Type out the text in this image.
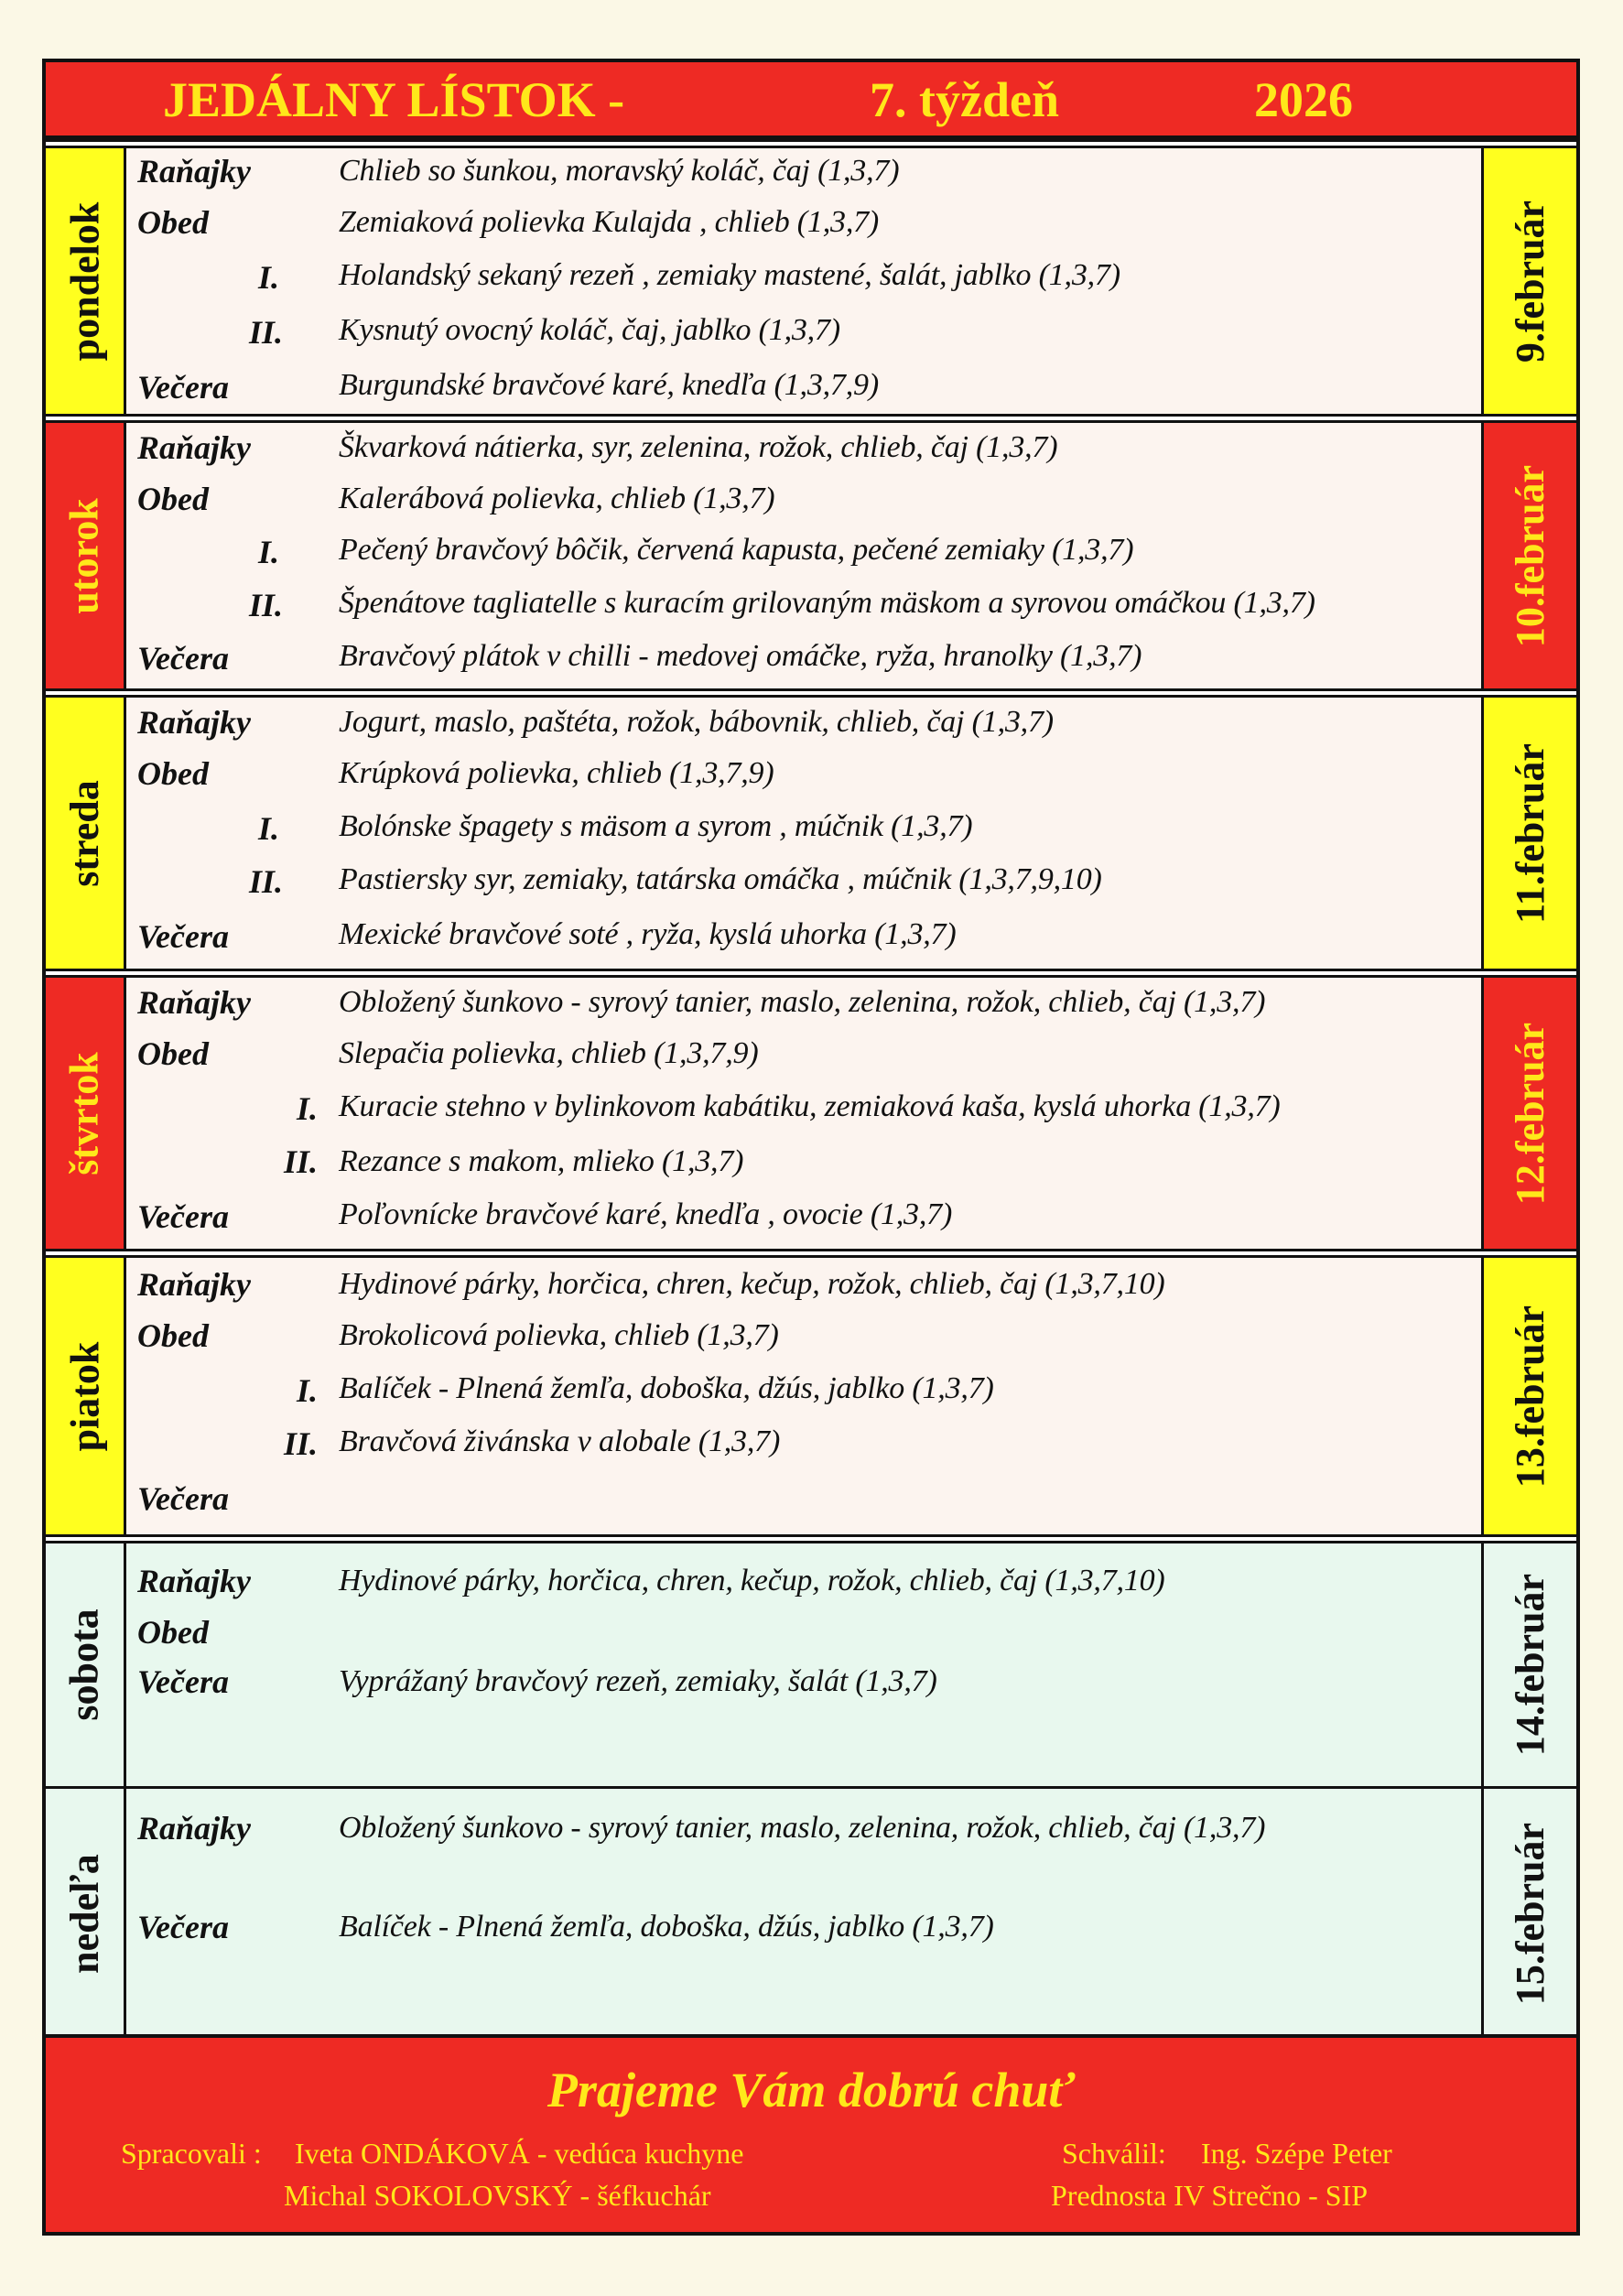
JEDÁLNY LÍSTOK -	7. týždeň	2026
pondelok
Raňajky	Chlieb so šunkou, moravský koláč, čaj (1,3,7)
Obed	Zemiaková polievka Kulajda , chlieb (1,3,7)
I. Holandský sekaný rezeň , zemiaky mastené, šalát, jablko (1,3,7)
II. Kysnutý ovocný koláč, čaj, jablko (1,3,7)
Večera	Burgundské bravčové karé, knedľa (1,3,7,9)
9.február
utorok
Raňajky	Škvarková nátierka, syr, zelenina, rožok, chlieb, čaj (1,3,7)
Obed	Kalerábová polievka, chlieb (1,3,7)
I. Pečený bravčový bôčik, červená kapusta, pečené zemiaky (1,3,7)
II. Špenátove tagliatelle s kuracím grilovaným mäskom a syrovou omáčkou (1,3,7)
Večera	Bravčový plátok v chilli - medovej omáčke, ryža, hranolky (1,3,7)
10.február
streda
Raňajky	Jogurt, maslo, paštéta, rožok, bábovnik, chlieb, čaj (1,3,7)
Obed	Krúpková polievka, chlieb (1,3,7,9)
I. Bolónske špagety s mäsom a syrom , múčnik (1,3,7)
II. Pastiersky syr, zemiaky, tatárska omáčka , múčnik (1,3,7,9,10)
Večera	Mexické bravčové soté , ryža, kyslá uhorka (1,3,7)
11.február
štvrtok
Raňajky	Obložený šunkovo - syrový tanier, maslo, zelenina, rožok, chlieb, čaj (1,3,7)
Obed	Slepačia polievka, chlieb (1,3,7,9)
I. Kuracie stehno v bylinkovom kabátiku, zemiaková kaša, kyslá uhorka (1,3,7)
II. Rezance s makom, mlieko (1,3,7)
Večera	Poľovnícke bravčové karé, knedľa , ovocie (1,3,7)
12.február
piatok
Raňajky	Hydinové párky, horčica, chren, kečup, rožok, chlieb, čaj (1,3,7,10)
Obed	Brokolicová polievka, chlieb (1,3,7)
I. Balíček - Plnená žemľa, doboška, džús, jablko (1,3,7)
II. Bravčová živánska v alobale (1,3,7)
Večera
13.február
sobota
Raňajky	Hydinové párky, horčica, chren, kečup, rožok, chlieb, čaj (1,3,7,10)
Obed
Večera	Vyprážaný bravčový rezeň, zemiaky, šalát (1,3,7)	14.február
nedeľa
Raňajky	Obložený šunkovo - syrový tanier, maslo, zelenina, rožok, chlieb, čaj (1,3,7)
Večera	Balíček - Plnená žemľa, doboška, džús, jablko (1,3,7)	15.február
Prajeme Vám dobrú chuť
Spracovali : Iveta ONDÁKOVÁ - vedúca kuchyne
Michal SOKOLOVSKÝ - šéfkuchár
Schválil: Ing. Szépe Peter
Prednosta IV Strečno - SIP
